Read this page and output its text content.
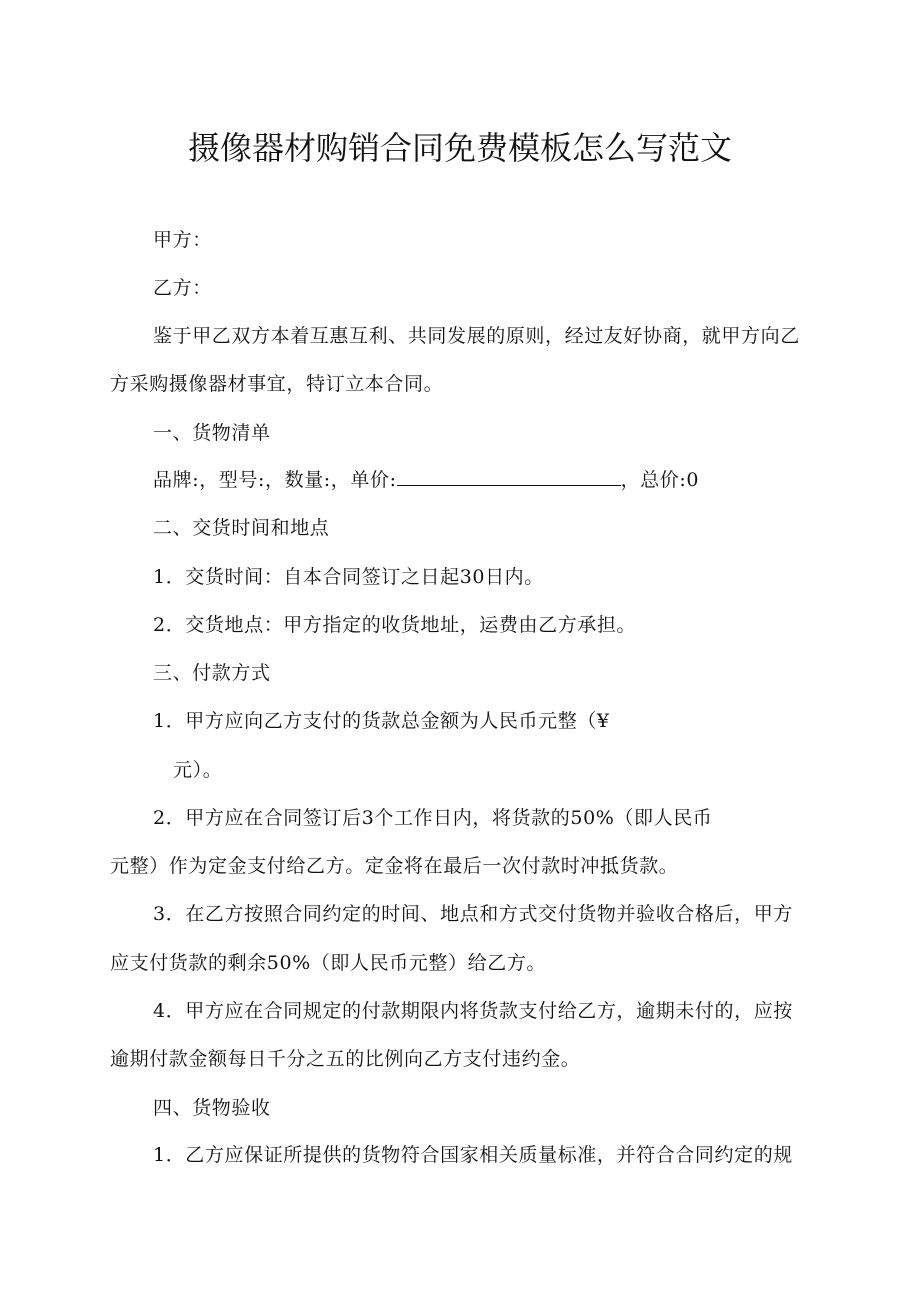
摄像器材购销合同免费模板怎么写范文
甲方：
乙方：
鉴于甲乙双方本着互惠互利、共同发展的原则，经过友好协商，就甲方向乙
方采购摄像器材事宜，特订立本合同。
一、货物清单
品牌:，型号:，数量:，单价:	，总价:0
二、交货时间和地点
1．交货时间：自本合同签订之日起30日内。
2．交货地点：甲方指定的收货地址，运费由乙方承担。
三、付款方式
1．甲方应向乙方支付的货款总金额为人民币元整（¥
元）。
2．甲方应在合同签订后3个工作日内，将货款的50%（即人民币
元整）作为定金支付给乙方。定金将在最后一次付款时冲抵货款。
3．在乙方按照合同约定的时间、地点和方式交付货物并验收合格后，甲方
应支付货款的剩余50%（即人民币元整）给乙方。
4．甲方应在合同规定的付款期限内将货款支付给乙方，逾期未付的，应按
逾期付款金额每日千分之五的比例向乙方支付违约金。
四、货物验收
1．乙方应保证所提供的货物符合国家相关质量标准，并符合合同约定的规
